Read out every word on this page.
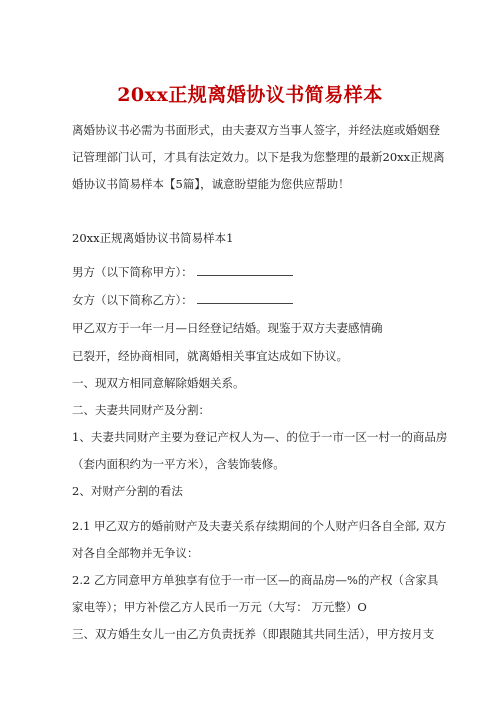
20xx正规离婚协议书简易样本
离婚协议书必需为书面形式，由夫妻双方当事人签字，并经法庭或婚姻登
记管理部门认可，才具有法定效力。以下是我为您整理的最新20xx正规离
婚协议书简易样本【5篇】，诚意盼望能为您供应帮助！
20xx正规离婚协议书简易样本1
男方（以下简称甲方）：
女方（以下简称乙方）：
甲乙双方于一年一月—日经登记结婚。现鉴于双方夫妻感情确
已裂开，经协商相同，就离婚相关事宜达成如下协议。
一、现双方相同意解除婚姻关系。
二、夫妻共同财产及分割：
1、夫妻共同财产主要为登记产权人为—、的位于一市一区一村一的商品房
（套内面积约为一平方米），含装饰装修。
2、对财产分割的看法
2.1 甲乙双方的婚前财产及夫妻关系存续期间的个人财产归各自全部, 双方
对各自全部物并无争议：
2.2 乙方同意甲方单独享有位于一市一区—的商品房—%的产权（含家具
家电等）；甲方补偿乙方人民币一万元（大写： 万元整）O
三、双方婚生女儿一由乙方负责抚养（即跟随其共同生活），甲方按月支
